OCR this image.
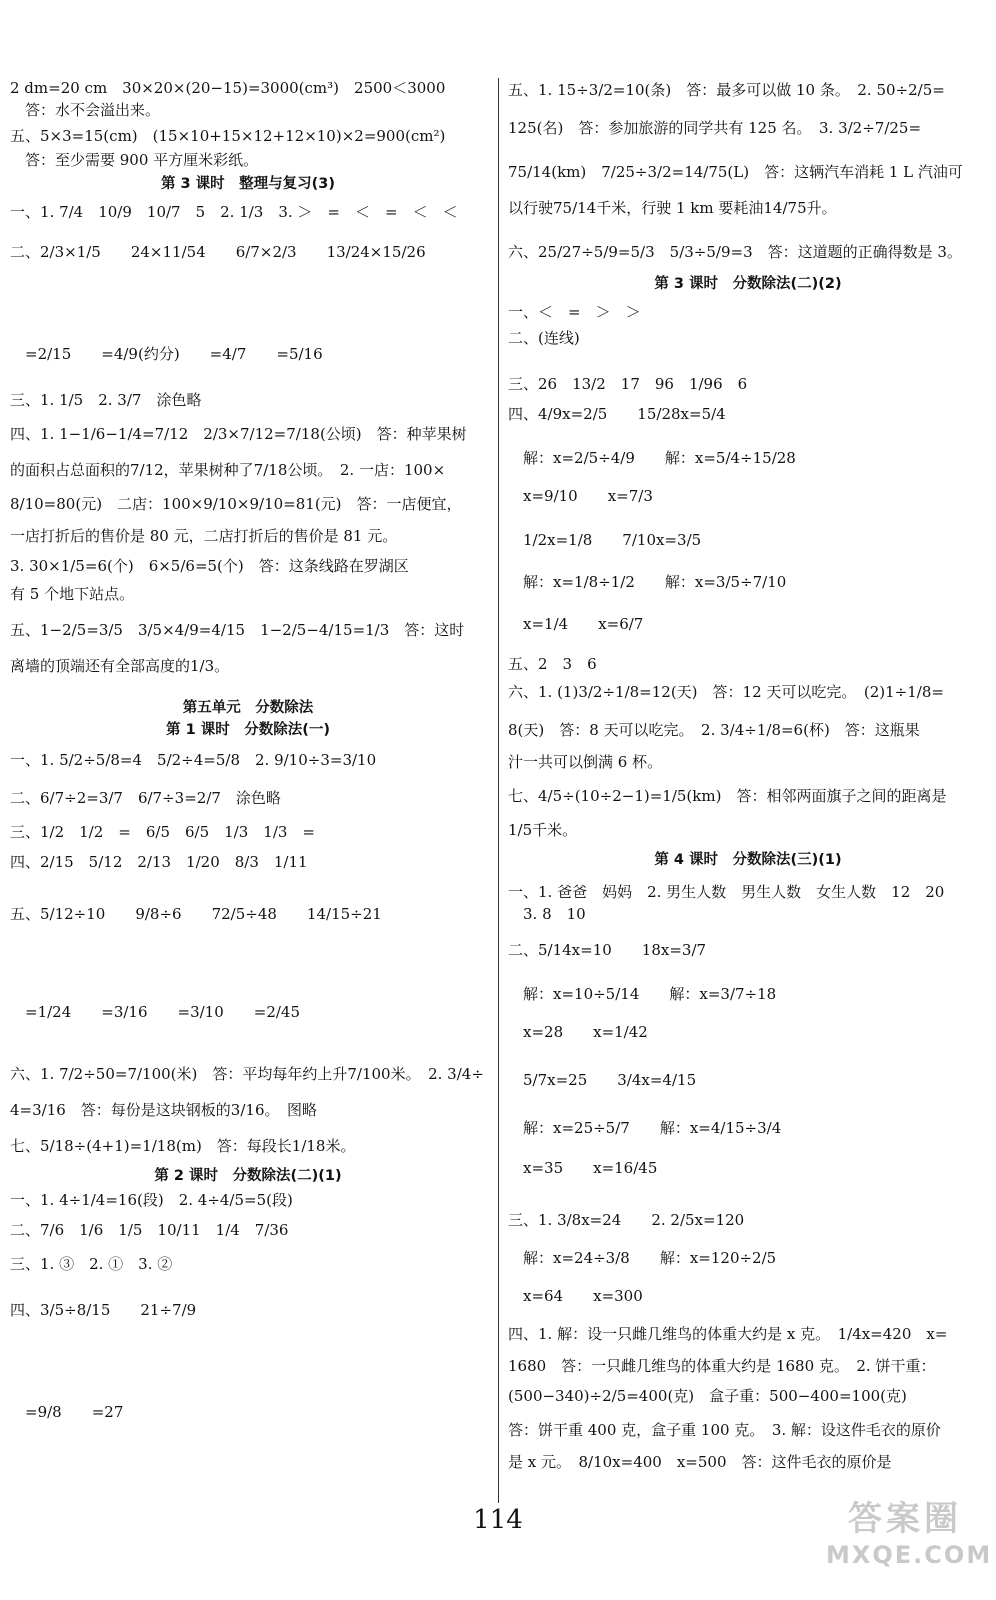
2 dm=20 cm　30×20×(20−15)=3000(cm³)　2500＜3000
　答：水不会溢出来。
五、5×3=15(cm)　(15×10+15×12+12×10)×2=900(cm²)
　答：至少需要 900 平方厘米彩纸。
第 3 课时　整理与复习(3)
一、1. 7/4　10/9　10/7　5　2. 1/3　3. ＞　=　＜　=　＜　＜
二、2/3×1/5　　24×11/54　　6/7×2/3　　13/24×15/26
　=2/15　　=4/9(约分)　　=4/7　　=5/16
三、1. 1/5　2. 3/7　涂色略
四、1. 1−1/6−1/4=7/12　2/3×7/12=7/18(公顷)　答：种苹果树
的面积占总面积的7/12，苹果树种了7/18公顷。　2. 一店：100×
8/10=80(元)　二店：100×9/10×9/10=81(元)　答：一店便宜，
一店打折后的售价是 80 元，二店打折后的售价是 81 元。
3. 30×1/5=6(个)　6×5/6=5(个)　答：这条线路在罗湖区
有 5 个地下站点。
五、1−2/5=3/5　3/5×4/9=4/15　1−2/5−4/15=1/3　答：这时
离墙的顶端还有全部高度的1/3。
第五单元　分数除法
第 1 课时　分数除法(一)
一、1. 5/2÷5/8=4　5/2÷4=5/8　2. 9/10÷3=3/10
二、6/7÷2=3/7　6/7÷3=2/7　涂色略
三、1/2　1/2　=　6/5　6/5　1/3　1/3　=
四、2/15　5/12　2/13　1/20　8/3　1/11
五、5/12÷10　　9/8÷6　　72/5÷48　　14/15÷21
　=1/24　　=3/16　　=3/10　　=2/45
六、1. 7/2÷50=7/100(米)　答：平均每年约上升7/100米。　2. 3/4÷
4=3/16　答：每份是这块钢板的3/16。　图略
七、5/18÷(4+1)=1/18(m)　答：每段长1/18米。
第 2 课时　分数除法(二)(1)
一、1. 4÷1/4=16(段)　2. 4÷4/5=5(段)
二、7/6　1/6　1/5　10/11　1/4　7/36
三、1. ③　2. ①　3. ②
四、3/5÷8/15　　21÷7/9
　=9/8　　=27
五、1. 15÷3/2=10(条)　答：最多可以做 10 条。　2. 50÷2/5=
125(名)　答：参加旅游的同学共有 125 名。　3. 3/2÷7/25=
75/14(km)　7/25÷3/2=14/75(L)　答：这辆汽车消耗 1 L 汽油可
以行驶75/14千米，行驶 1 km 要耗油14/75升。
六、25/27÷5/9=5/3　5/3÷5/9=3　答：这道题的正确得数是 3。
第 3 课时　分数除法(二)(2)
一、＜　=　＞　＞
二、(连线)
三、26　13/2　17　96　1/96　6
四、4/9x=2/5　　15/28x=5/4
　解：x=2/5÷4/9　　解：x=5/4÷15/28
　x=9/10　　x=7/3
　1/2x=1/8　　7/10x=3/5
　解：x=1/8÷1/2　　解：x=3/5÷7/10
　x=1/4　　x=6/7
五、2　3　6
六、1. (1)3/2÷1/8=12(天)　答：12 天可以吃完。　(2)1÷1/8=
8(天)　答：8 天可以吃完。　2. 3/4÷1/8=6(杯)　答：这瓶果
汁一共可以倒满 6 杯。
七、4/5÷(10÷2−1)=1/5(km)　答：相邻两面旗子之间的距离是
1/5千米。
第 4 课时　分数除法(三)(1)
一、1. 爸爸　妈妈　2. 男生人数　男生人数　女生人数　12　20
　3. 8　10
二、5/14x=10　　18x=3/7
　解：x=10÷5/14　　解：x=3/7÷18
　x=28　　x=1/42
　5/7x=25　　3/4x=4/15
　解：x=25÷5/7　　解：x=4/15÷3/4
　x=35　　x=16/45
三、1. 3/8x=24　　2. 2/5x=120
　解：x=24÷3/8　　解：x=120÷2/5
　x=64　　x=300
四、1. 解：设一只雌几维鸟的体重大约是 x 克。　1/4x=420　x=
1680　答：一只雌几维鸟的体重大约是 1680 克。　2. 饼干重：
(500−340)÷2/5=400(克)　盒子重：500−400=100(克)
答：饼干重 400 克，盒子重 100 克。　3. 解：设这件毛衣的原价
是 x 元。　8/10x=400　x=500　答：这件毛衣的原价是
114	答案圈
MXQE.COM
